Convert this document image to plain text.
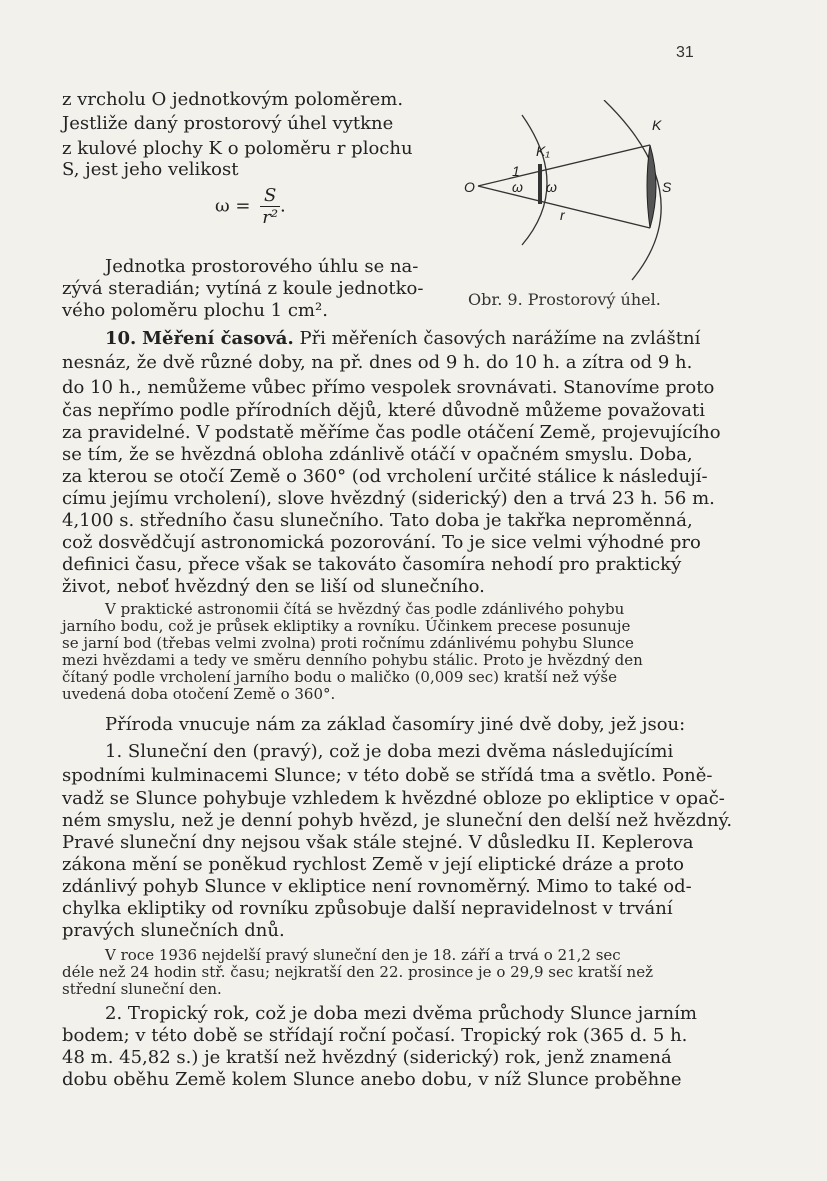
31

z vrcholu O jednotkovým poloměrem.

Jestliže daný prostorový úhel vytkne

z kulové plochy K o poloměru r plochu

S, jest jeho velikost

$\omega = \frac{S}{\text{r²}}$ .

Jednotka prostorového úhlu se na-

zývá steradián; vytíná z koule jednotko-

vého poloměru plochu 1 cm².

O
K₁
K
S
ω ω
1
r
Obr. 9. Prostorový úhel.

10. Měření časová. Při měřeních časových narážíme na zvláštní

nesnáz, že dvě různé doby, na př. dnes od 9 h. do 10 h. a zítra od 9 h.

do 10 h., nemůžeme vůbec přímo vespolek srovnávati. Stanovíme proto

čas nepřímo podle přírodních dějů, které důvodně můžeme považovati

za pravidelné. V podstatě měříme čas podle otáčení Země, projevujícího

se tím, že se hvězdná obloha zdánlivě otáčí v opačném smyslu. Doba,

za kterou se otočí Země o 360° (od vrcholení určité stálice k následují-

címu jejímu vrcholení), slove hvězdný (siderický) den a trvá 23 h. 56 m.

4,100 s. středního času slunečního. Tato doba je takřka neproměnná,

což dosvědčují astronomická pozorování. To je sice velmi výhodné pro

definici času, přece však se takováto časomíra nehodí pro praktický

život, neboť hvězdný den se liší od slunečního.

V praktické astronomii čítá se hvězdný čas podle zdánlivého pohybu

jarního bodu, což je průsek ekliptiky a rovníku. Účinkem precese posunuje

se jarní bod (třebas velmi zvolna) proti ročnímu zdánlivému pohybu Slunce

mezi hvězdami a tedy ve směru denního pohybu stálic. Proto je hvězdný den

čítaný podle vrcholení jarního bodu o maličko (0,009 sec) kratší než výše

uvedená doba otočení Země o 360°.

Příroda vnucuje nám za základ časomíry jiné dvě doby, jež jsou:

1. Sluneční den (pravý), což je doba mezi dvěma následujícími

spodními kulminacemi Slunce; v této době se střídá tma a světlo. Poně-

vadž se Slunce pohybuje vzhledem k hvězdné obloze po ekliptice v opač-

ném smyslu, než je denní pohyb hvězd, je sluneční den delší než hvězdný.

Pravé sluneční dny nejsou však stále stejné. V důsledku II. Keplerova

zákona mění se poněkud rychlost Země v její eliptické dráze a proto

zdánlivý pohyb Slunce v ekliptice není rovnoměrný. Mimo to také od-

chylka ekliptiky od rovníku způsobuje další nepravidelnost v trvání

pravých slunečních dnů.

V roce 1936 nejdelší pravý sluneční den je 18. září a trvá o 21,2 sec

déle než 24 hodin stř. času; nejkratší den 22. prosince je o 29,9 sec kratší než

střední sluneční den.

2. Tropický rok, což je doba mezi dvěma průchody Slunce jarním

bodem; v této době se střídají roční počasí. Tropický rok (365 d. 5 h.

48 m. 45,82 s.) je kratší než hvězdný (siderický) rok, jenž znamená

dobu oběhu Země kolem Slunce anebo dobu, v níž Slunce proběhne
